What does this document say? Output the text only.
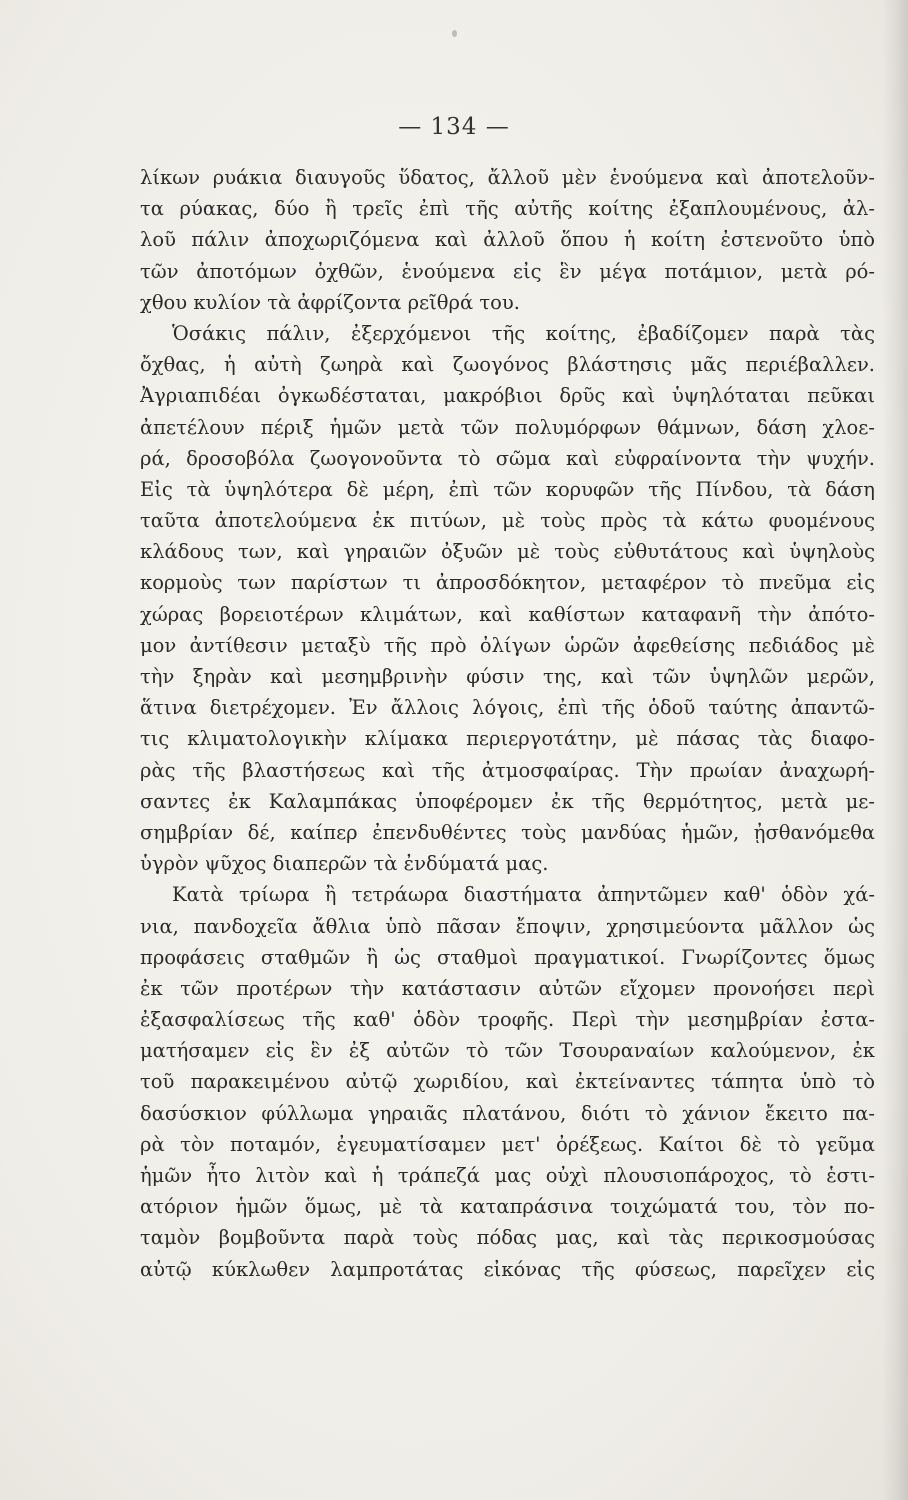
— 134 —
λίκων ρυάκια διαυγοῦς ὕδατος, ἄλλοῦ μὲν ἑνούμενα καὶ ἀποτελοῦν-
τα ρύακας, δύο ἢ τρεῖς ἐπὶ τῆς αὐτῆς κοίτης ἐξαπλουμένους, ἀλ-
λοῦ πάλιν ἀποχωριζόμενα καὶ ἀλλοῦ ὅπου ἡ κοίτη ἐστενοῦτο ὑπὸ
τῶν ἀποτόμων ὀχθῶν, ἑνούμενα εἰς ἓν μέγα ποτάμιον, μετὰ ρό-
χθου κυλίον τὰ ἀφρίζοντα ρεῖθρά του.
Ὁσάκις πάλιν, ἐξερχόμενοι τῆς κοίτης, ἐβαδίζομεν παρὰ τὰς
ὄχθας, ἡ αὐτὴ ζωηρὰ καὶ ζωογόνος βλάστησις μᾶς περιέβαλλεν.
Ἀγριαπιδέαι ὀγκωδέσταται, μακρόβιοι δρῦς καὶ ὑψηλόταται πεῦκαι
ἀπετέλουν πέριξ ἡμῶν μετὰ τῶν πολυμόρφων θάμνων, δάση χλοε-
ρά, δροσοβόλα ζωογονοῦντα τὸ σῶμα καὶ εὐφραίνοντα τὴν ψυχήν.
Εἰς τὰ ὑψηλότερα δὲ μέρη, ἐπὶ τῶν κορυφῶν τῆς Πίνδου, τὰ δάση
ταῦτα ἀποτελούμενα ἐκ πιτύων, μὲ τοὺς πρὸς τὰ κάτω φυομένους
κλάδους των, καὶ γηραιῶν ὀξυῶν μὲ τοὺς εὐθυτάτους καὶ ὑψηλοὺς
κορμοὺς των παρίστων τι ἀπροσδόκητον, μεταφέρον τὸ πνεῦμα εἰς
χώρας βορειοτέρων κλιμάτων, καὶ καθίστων καταφανῆ τὴν ἀπότο-
μον ἀντίθεσιν μεταξὺ τῆς πρὸ ὀλίγων ὡρῶν ἀφεθείσης πεδιάδος μὲ
τὴν ξηρὰν καὶ μεσημβρινὴν φύσιν της, καὶ τῶν ὑψηλῶν μερῶν,
ἅτινα διετρέχομεν. Ἐν ἄλλοις λόγοις, ἐπὶ τῆς ὁδοῦ ταύτης ἀπαντῶ-
τις κλιματολογικὴν κλίμακα περιεργοτάτην, μὲ πάσας τὰς διαφο-
ρὰς τῆς βλαστήσεως καὶ τῆς ἀτμοσφαίρας. Τὴν πρωίαν ἀναχωρή-
σαντες ἐκ Καλαμπάκας ὑποφέρομεν ἐκ τῆς θερμότητος, μετὰ με-
σημβρίαν δέ, καίπερ ἐπενδυθέντες τοὺς μανδύας ἡμῶν, ᾐσθανόμεθα
ὑγρὸν ψῦχος διαπερῶν τὰ ἐνδύματά μας.
Κατὰ τρίωρα ἢ τετράωρα διαστήματα ἀπηντῶμεν καθ' ὁδὸν χά-
νια, πανδοχεῖα ἄθλια ὑπὸ πᾶσαν ἔποψιν, χρησιμεύοντα μᾶλλον ὡς
προφάσεις σταθμῶν ἢ ὡς σταθμοὶ πραγματικοί. Γνωρίζοντες ὅμως
ἐκ τῶν προτέρων τὴν κατάστασιν αὐτῶν εἴχομεν προνοήσει περὶ
ἐξασφαλίσεως τῆς καθ' ὁδὸν τροφῆς. Περὶ τὴν μεσημβρίαν ἐστα-
ματήσαμεν εἰς ἓν ἐξ αὐτῶν τὸ τῶν Τσουραναίων καλούμενον, ἐκ
τοῦ παρακειμένου αὐτῷ χωριδίου, καὶ ἐκτείναντες τάπητα ὑπὸ τὸ
δασύσκιον φύλλωμα γηραιᾶς πλατάνου, διότι τὸ χάνιον ἔκειτο πα-
ρὰ τὸν ποταμόν, ἐγευματίσαμεν μετ' ὀρέξεως. Καίτοι δὲ τὸ γεῦμα
ἡμῶν ἦτο λιτὸν καὶ ἡ τράπεζά μας οὐχὶ πλουσιοπάροχος, τὸ ἑστι-
ατόριον ἡμῶν ὅμως, μὲ τὰ καταπράσινα τοιχώματά του, τὸν πο-
ταμὸν βομβοῦντα παρὰ τοὺς πόδας μας, καὶ τὰς περικοσμούσας
αὐτῷ κύκλωθεν λαμπροτάτας εἰκόνας τῆς φύσεως, παρεῖχεν εἰς
